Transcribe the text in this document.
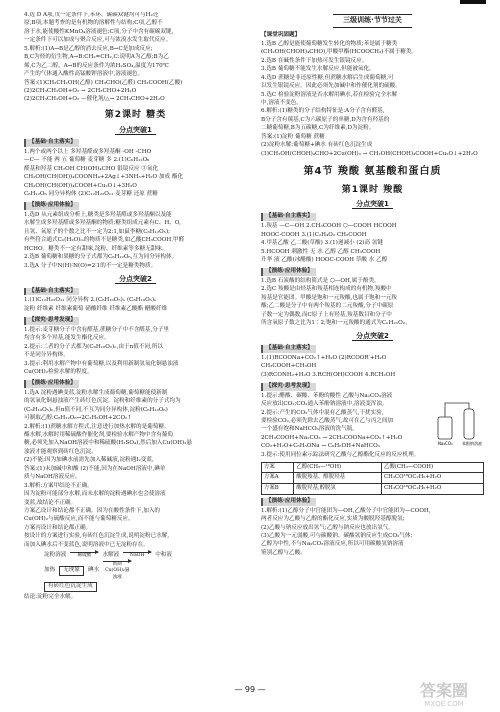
4.选 D A项,戊一定条件下,苯环、碳碳双键均可与H₂还

原,B项,本题考查的是有机物的溶解性与结构;C项,乙醇不

溶于水,能使酸性KMnO₄溶液褪色;C项,分子中含有碳碳双键,

一定条件下可以加成与聚合反应,可与浓溴水发生取代反应。

5.解析:(1)A→B是乙醇的消去反应,B→C是加成反应;

B,C为烃的衍生物,A→B:CH₂=CH₂,C:说明A为乙醇;B为乙

烯,C为乙二醇。A→B的反应条件为浓H₂SO₄,温度为170℃

产生的气体通入酸性高锰酸钾溶液中,溶液褪色。

答案:(1)CH₃CH₂OH(乙醇) CH₃CHO(乙醛) CH₃COOH(乙酸)

(2)2CH₃CH₂OH+O₂ → 2CH₃CHO+2H₂O

(2)2CH₃CH₂OH+O₂ —催化剂/△→ 2CH₃CHO+2H₂O

第2课时 糖类
分点突破1
【基础·自主落实】

1.两个或两个以上 多羟基醛或多羟基酮 -OH -CHO

—C— 不能 两 五 葡萄糖 麦芽糖 多 2.(1)C₆H₁₂O₆

醛基和羟基 CH₂OH CH(OH)₄CHO 银镜反应 ③氧化

CH₂OH(CH(OH))₄COONH₄+2Ag↓+3NH₃+H₂O 加成 酯化

CH₂OH(CH(OH))₄COOH+Cu₂O↓+3H₂O

C₆H₁₂O₆ 同分异构体 (2)C₁₂H₂₂O₁₁ 麦芽糖 还原 蔗糖

【演练·应用体验】

1.选D 从元素组成分析上,糖类是多羟基醛或多羟基酮以及能

水解生成多羟基醛或多羟基酮的物质;糖类组成元素有C、H、O,

且氢、氧原子的个数之比不一定为2:1,如鼠李糖(C₆H₁₂O₅);

有些符合通式Cₙ(H₂O)ₘ的物质不是糖类,如乙酸CH₃COOH,甲醛

HCHO。糖类不一定有甜味,淀粉、纤维素等多糖无甜味。

2.选B 葡萄糖和果糖的分子式都为C₆H₁₂O₆,互为同分异构体。

3.选A 分子中N(H)∶N(O)=2∶1的不一定是糖类物质。

分点突破2
【基础·自主落实】

1.(1)C₁₂H₂₂O₁₁ 同分异构 2.(C₆H₁₀O₅)ₙ (C₆H₁₀O₅)ₙ

淀粉 纤维素 纤维素葡萄 硝酸纤维 纤维素乙酸酯 醋酸纤维

【探究·思考发现】

1.提示:麦芽糖分子中含有醛基,蔗糖分子中不含醛基,分子里

均含有多个羟基,能发生酯化反应。

2.提示:二者的分子式都为(C₆H₁₀O₅)ₙ,由于n值不同,所以

不是同分异构体。

3.提示:利用水解产物中有葡萄糖,以及利用新制氢氧化铜悬浊液

Cu(OH)₂检验水解的程度。

【演练·应用体验】

1.选A 淀粉遇碘变蓝,淀粉水解生成葡萄糖,葡萄糖能使新制

的氢氧化铜悬浊液产生砖红色沉淀。淀粉和纤维素的分子式均为

(C₆H₁₀O₅)ₙ,但n值不同,不互为同分异构体,淀粉(C₆H₁₂O₆)

可制取乙醇:C₆H₁₂O₆→2C₂H₅OH+2CO₂↑

2.解析:(1)蔗糖水解方程式,注意进行加热水解的是葡萄糖。

酯水解,水解时用稀硫酸作催化剂,要检验水解产物中含有葡萄

糖,必须先加入NaOH溶液中和稀硫酸(H₂SO₄),然后加入Cu(OH)₂悬

浊液才能观察到砖红色沉淀。

(2)不能;因为加碘水前需先加入稀碱液,淀粉遇I₂变蓝,

答案:(1)未加碱中和酸 (2)不能,因为在NaOH溶液中,碘单

质与NaOH溶液反应。

3.解析:方案甲结论不正确。

因为淀粉可能部分水解,而未水解的淀粉遇碘水也会使溶液

变蓝,故结论不正确。

方案乙设计和结论都不正确。因为在酸性条件下,加入的

Cu(OH)₂与硫酸反应,而不能与葡萄糖反应。

方案丙设计和结论都正确。

按设计的方案进行实验,有砖红色沉淀生成,说明淀粉已水解,

而加入碘水后不变蓝色,说明溶液中已无淀粉存在。

淀粉溶液	稀硫酸	水解液	NaOH	中和液
加热	无现象	碘水
新制Cu(OH)₂悬浊液
有砖红色沉淀生成

结论:淀粉完全水解。

三级训练·节节过关
【课堂巩固题】

1.选B 乙醇是能使葡萄糖发生转化的物质;苯是属于糖类

(CH₂OH(CHOH)₄CHO),甲酸甲酯(HCOOCH₃)不属于糖类。

2.选B 在碱性条件下加热可发生银镜反应。

3.选B 葡萄糖不能发生水解反应,但能被氧化。

4.选D 蔗糖是非还原性糖,但蔗糖水解后生成葡萄糖,可

以发生银镜反应。因此必须先加碱中和作催化剂的硫酸。

5.选C 检验淀粉溶液是否水解用碘水,若在检验完全水解

中,溶液不变色。

6.解析:(1)糖类的分子结构特征是:A分子含有醛基,

B分子含有羰基,C为六碳原子的单糖,D为含有羟基的

二糖葡萄糖,B为五碳糖,C为纤维素,D为淀粉。

答案:(1)淀粉 葡萄糖 蔗糖

(2)淀粉水解:葡萄糖+碘水 有砖红色沉淀生成

(3)CH₂OH(CHOH)₄CHO+2Cu(OH)₂ → CH₂OH(CHOH)₄COOH+Cu₂O↓+2H₂O

第4节 羧酸 氨基酸和蛋白质
第1课时 羧酸
分点突破1
【基础·自主落实】

1.羧基 —C—OH 2.CH₃COOH ⬡—COOH HCOOH

HOOC-COOH 3.(1)C₂H₄O₂ CH₂COOH

4.甲基乙酸 乙二酸(草酸) 3.(1)递减小 (2)高 氢键

5.HCOOH 刺激性 无 水 乙醇 乙醇 CH₃COOH

升华 液 乙酸(冰醋酸) HOOC-COOH 草酸 水 乙醇

【演练·应用体验】

1.选B 石炭酸的结构简式是 ⬡—OH,属于酚类。

2.选C 羧酸是由烃基和羧基相连构成的有机物,羧酸中

羧基是官能团。甲酸是饱和一元羧酸,也属于饱和一元羧

酸;乙二酸是分子中有两个羧基的二元羧酸,分子中碳原

子数一定为偶数,而C原子上有羟基,羧基数目和分子中

所含氧原子数之比为1∶2;饱和一元羧酸的通式为CₙH₂ₙO₂。

分点突破2
【基础·自主落实】

1.(1)RCOONa+CO₂↑+H₂O (2)RCOOR′+H₂O

CH₃COOH+CH₃OH

(3)RCONH₂+H₂O 3.RCH(OH)COOH 4.RCH₂OH

【探究·思考发现】
Na₂CO₃ 苯酚钠溶液

1.提示:醋酸、碳酸、苯酚的酸性 乙酸与Na₂CO₃溶液

反应放出CO₂;CO₂通入苯酚钠溶液中,溶液变浑浊。

2.提示:产生的CO₂气体中混有乙酸蒸气,干扰实验,

要检验CO₂,必须先除去乙酸蒸气,故可在乙与丙之间加

一个盛有饱和NaHCO₃溶液的洗气瓶。

2CH₃COOH+Na₂CO₃ → 2CH₃COONa+CO₂↑+H₂O

CO₂+H₂O+C₆H₅ONa → C₆H₅OH+NaHCO₃

3.提示:使用同位素示踪法研究乙酸与乙醇酯化反应的反应机理。

方案	乙醇(CH₃—¹⁸OH)	乙酸(CH₃—COOH)
方案A	酸脱羧基、醇脱羟基	CH₃CO¹⁸OC₂H₅+H₂O
方案B	酸脱羟基,醇脱氢	CH₃CO¹⁸OC₂H₅+H₂O
【演练·应用体验】

1.解析:(1)乙醇分子中官能团为—OH,乙酸分子中官能团为—COOH,

两者反应为乙酸与乙醇的酯化反应,实质为酸脱羟基醇脱氢;

(2)乙酸与钠反应放出氢气;乙醇与钠反应也放出氢气。

(3)乙酸为一元弱酸,可与碳酸钠、碳酸氢钠反应生成CO₂气体;

乙醇为中性,不与Na₂CO₃溶液反应,所以可用碳酸氢钠溶液

鉴别乙醇与乙酸。

— 99 —	答案圈
MXQE.COM
